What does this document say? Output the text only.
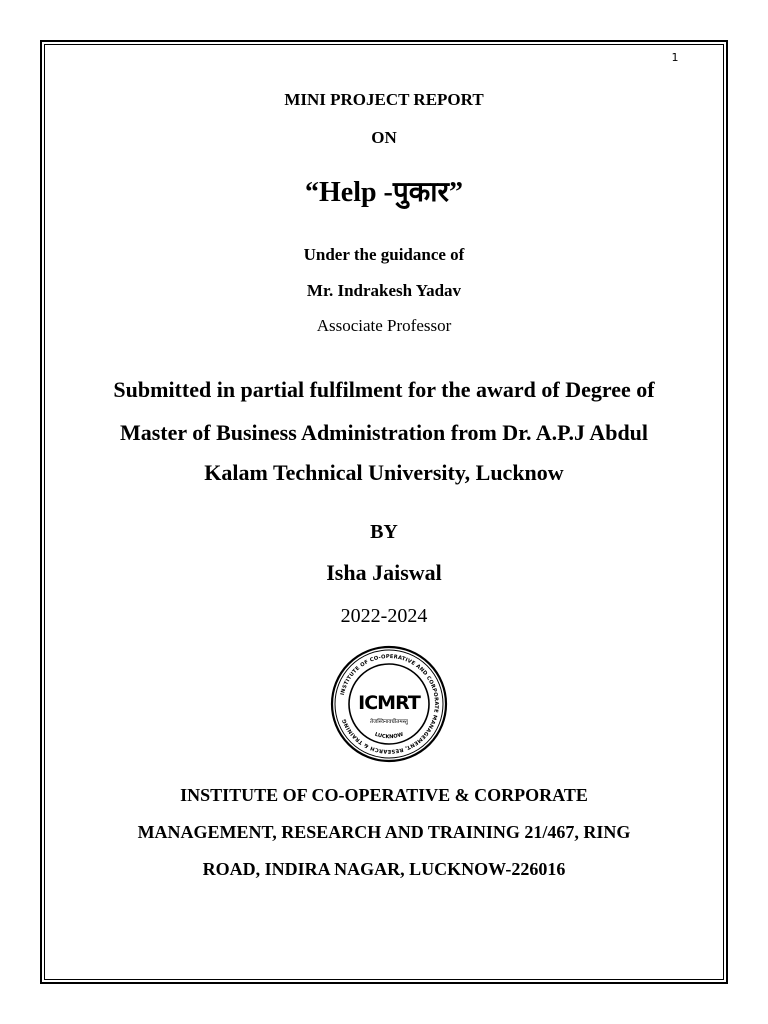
1
MINI PROJECT REPORT
ON
“Help -पुकार”
Under the guidance of
Mr. Indrakesh Yadav
Associate Professor
Submitted in partial fulfilment for the award of Degree of
Master of Business Administration from Dr. A.P.J Abdul
Kalam Technical University, Lucknow
BY
Isha Jaiswal
2022-2024
INSTITUTE OF CO-OPERATIVE AND CORPORATE MANAGEMENT, RESEARCH & TRAINING
LUCKNOW
ICMRT
तेजस्विनावधीतमस्तु
INSTITUTE OF CO-OPERATIVE & CORPORATE
MANAGEMENT, RESEARCH AND TRAINING 21/467, RING
ROAD, INDIRA NAGAR, LUCKNOW-226016
